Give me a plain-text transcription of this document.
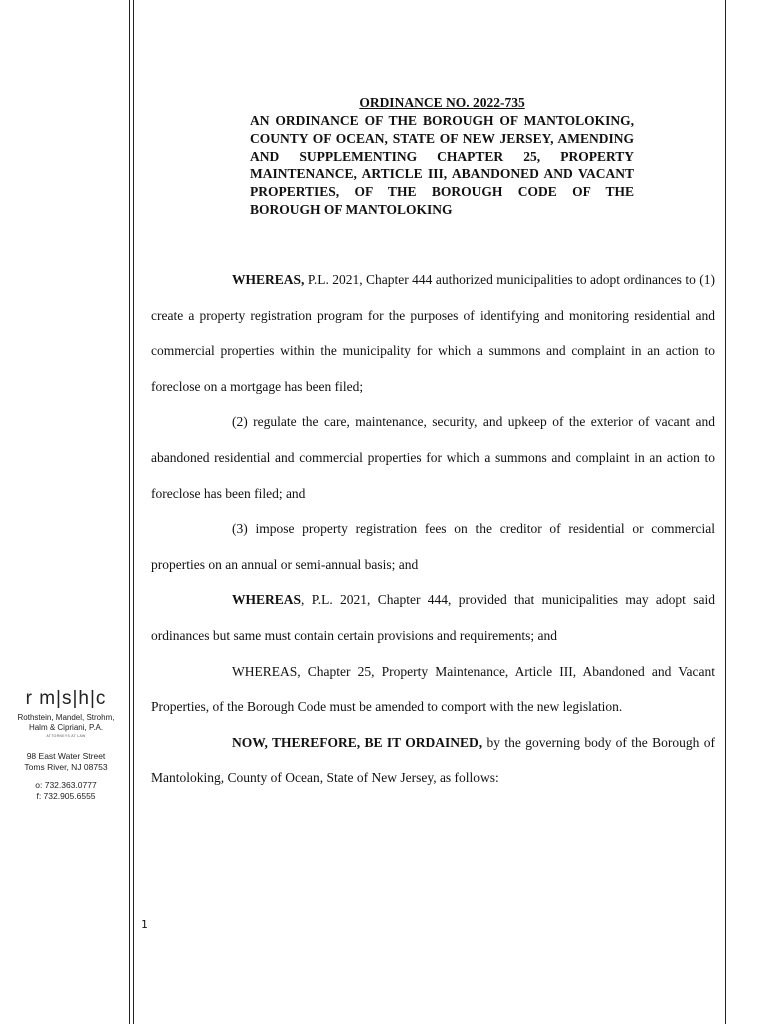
r m|s|h|c
Rothstein, Mandel, Strohm,
Halm & Cipriani, P.A.
ATTORNEYS AT LAW
98 East Water Street
Toms River, NJ 08753
o: 732.363.0777
f: 732.905.6555
ORDINANCE NO. 2022-735
AN ORDINANCE OF THE BOROUGH OF MANTOLOKING, COUNTY OF OCEAN, STATE OF NEW JERSEY, AMENDING AND SUPPLEMENTING CHAPTER 25, PROPERTY MAINTENANCE, ARTICLE III, ABANDONED AND VACANT PROPERTIES, OF THE BOROUGH CODE OF THE BOROUGH OF MANTOLOKING

WHEREAS, P.L. 2021, Chapter 444 authorized municipalities to adopt ordinances to (1) create a property registration program for the purposes of identifying and monitoring residential and commercial properties within the municipality for which a summons and complaint in an action to foreclose on a mortgage has been filed;

(2) regulate the care, maintenance, security, and upkeep of the exterior of vacant and abandoned residential and commercial properties for which a summons and complaint in an action to foreclose has been filed; and

(3) impose property registration fees on the creditor of residential or commercial properties on an annual or semi-annual basis; and

WHEREAS, P.L. 2021, Chapter 444, provided that municipalities may adopt said ordinances but same must contain certain provisions and requirements; and

WHEREAS, Chapter 25, Property Maintenance, Article III, Abandoned and Vacant Properties, of the Borough Code must be amended to comport with the new legislation.

NOW, THEREFORE, BE IT ORDAINED, by the governing body of the Borough of Mantoloking, County of Ocean, State of New Jersey, as follows:

1
